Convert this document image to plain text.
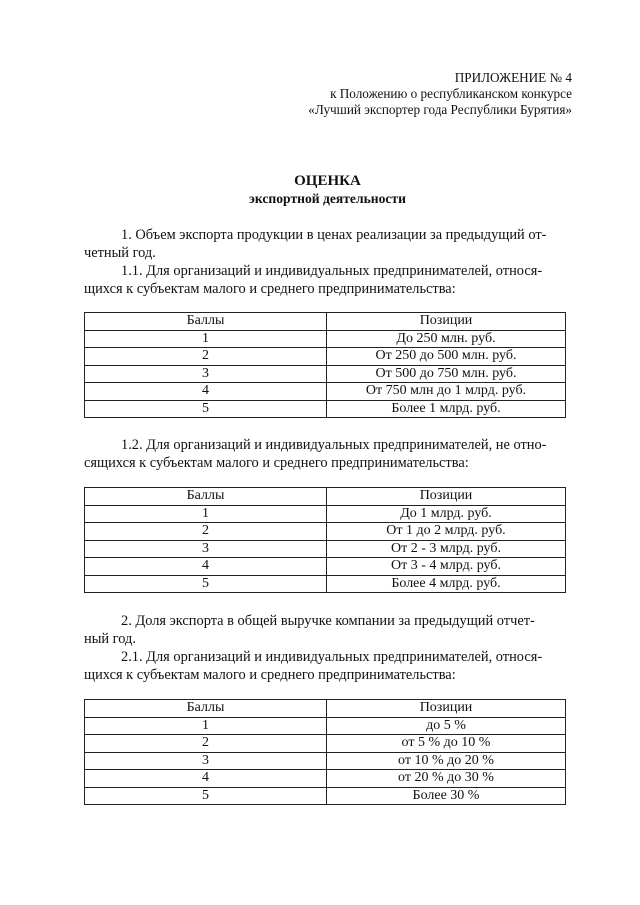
ПРИЛОЖЕНИЕ № 4
к Положению о республиканском конкурсе
«Лучший экспортер года Республики Бурятия»
ОЦЕНКА
экспортной деятельности
1. Объем экспорта продукции в ценах реализации за предыдущий от-
четный год.
1.1. Для организаций и индивидуальных предпринимателей, относя-
щихся к субъектам малого и среднего предпринимательства:
Баллы	Позиции
1	До 250 млн. руб.
2	От 250 до 500 млн. руб.
3	От 500 до 750 млн. руб.
4	От 750 млн до 1 млрд. руб.
5	Более 1 млрд. руб.
1.2. Для организаций и индивидуальных предпринимателей, не отно-
сящихся к субъектам малого и среднего предпринимательства:
Баллы	Позиции
1	До 1 млрд. руб.
2	От 1 до 2 млрд. руб.
3	От 2 - 3 млрд. руб.
4	От 3 - 4 млрд. руб.
5	Более 4 млрд. руб.
2. Доля экспорта в общей выручке компании за предыдущий отчет-
ный год.
2.1. Для организаций и индивидуальных предпринимателей, относя-
щихся к субъектам малого и среднего предпринимательства:
Баллы	Позиции
1	до 5 %
2	от 5 % до 10 %
3	от 10 % до 20 %
4	от 20 % до 30 %
5	Более 30 %
